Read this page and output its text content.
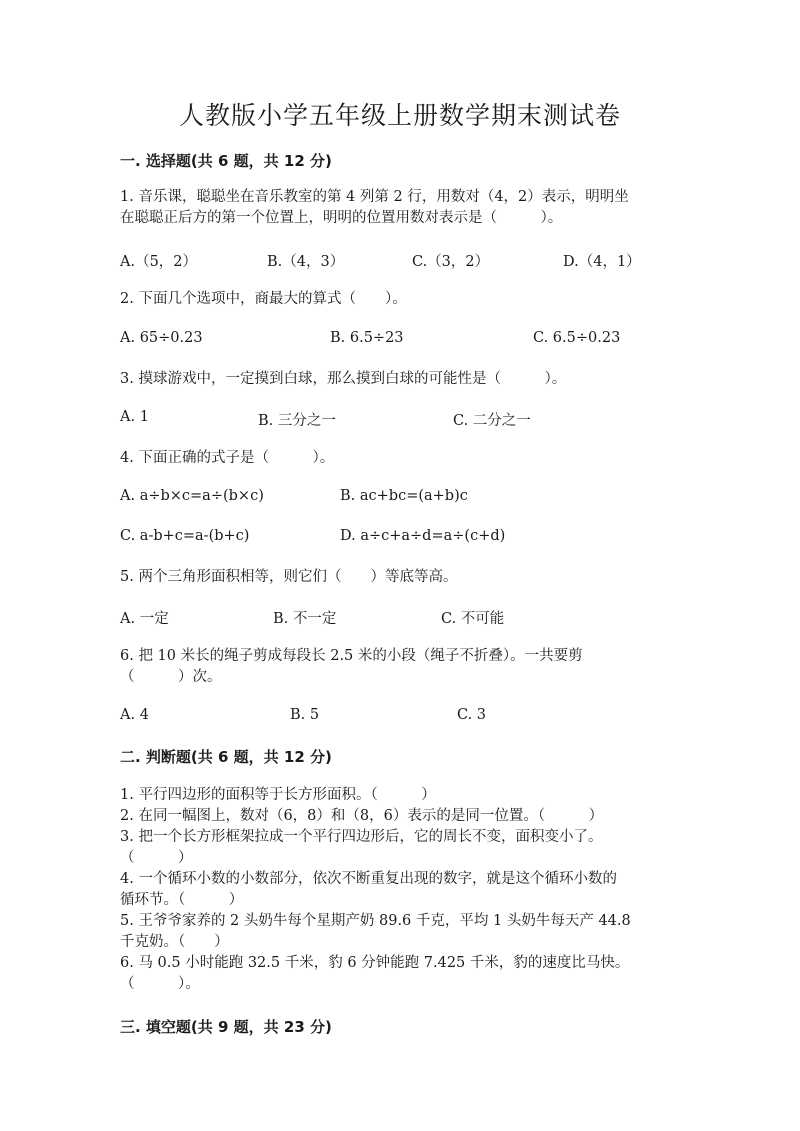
人教版小学五年级上册数学期末测试卷
一. 选择题(共 6 题，共 12 分)
1. 音乐课，聪聪坐在音乐教室的第 4 列第 2 行，用数对（4，2）表示，明明坐
在聪聪正后方的第一个位置上，明明的位置用数对表示是（　　　）。
A.（5，2）	B.（4，3）	C.（3，2）	D.（4，1）
2. 下面几个选项中，商最大的算式（　　）。
A. 65÷0.23	B. 6.5÷23	C. 6.5÷0.23
3. 摸球游戏中，一定摸到白球，那么摸到白球的可能性是（　　　）。
A. 1	B. 三分之一	C. 二分之一
4. 下面正确的式子是（　　　）。
A. a÷b×c=a÷(b×c)	B. ac+bc=(a+b)c
C. a-b+c=a-(b+c)	D. a÷c+a÷d=a÷(c+d)
5. 两个三角形面积相等，则它们（　　）等底等高。
A. 一定	B. 不一定	C. 不可能
6. 把 10 米长的绳子剪成每段长 2.5 米的小段（绳子不折叠）。一共要剪
（　　　）次。
A. 4	B. 5	C. 3
二. 判断题(共 6 题，共 12 分)
1. 平行四边形的面积等于长方形面积。（　　　）
2. 在同一幅图上，数对（6，8）和（8，6）表示的是同一位置。（　　　）
3. 把一个长方形框架拉成一个平行四边形后，它的周长不变，面积变小了。
（　　　）
4. 一个循环小数的小数部分，依次不断重复出现的数字，就是这个循环小数的
循环节。（　　　）
5. 王爷爷家养的 2 头奶牛每个星期产奶 89.6 千克，平均 1 头奶牛每天产 44.8
千克奶。（　　）
6. 马 0.5 小时能跑 32.5 千米，豹 6 分钟能跑 7.425 千米，豹的速度比马快。
（　　　）。
三. 填空题(共 9 题，共 23 分)
